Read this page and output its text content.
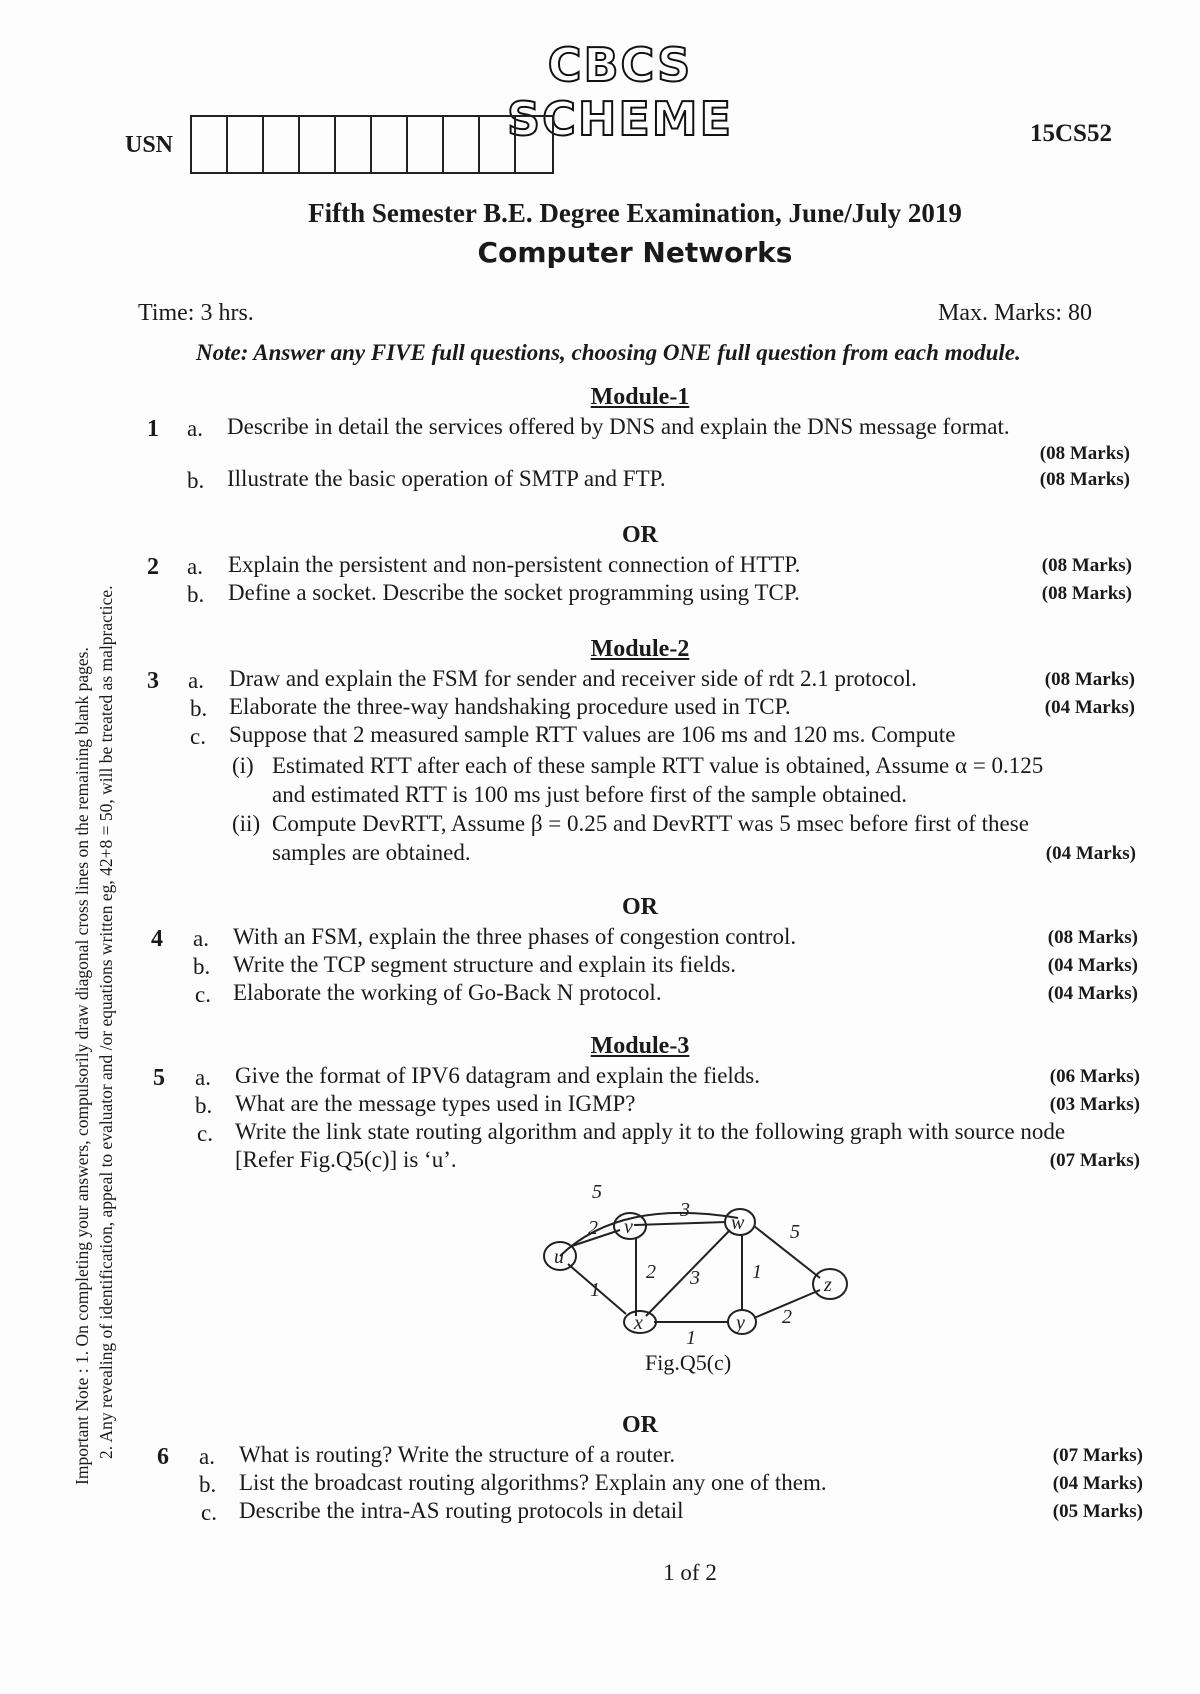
CBCS SCHEME
USN	15CS52
Fifth Semester B.E. Degree Examination, June/July 2019
Computer Networks
Time: 3 hrs.	Max. Marks: 80
Note: Answer any FIVE full questions, choosing ONE full question from each module.
Important Note : 1. On completing your answers, compulsorily draw diagonal cross lines on the remaining blank pages. 2. Any revealing of identification, appeal to evaluator and /or equations written eg, 42+8 = 50, will be treated as malpractice.
Module-1
1 a. Describe in detail the services offered by DNS and explain the DNS message format.
(08 Marks)
b. Illustrate the basic operation of SMTP and FTP.	(08 Marks)
OR
2 a. Explain the persistent and non-persistent connection of HTTP.	(08 Marks)
b. Define a socket. Describe the socket programming using TCP.	(08 Marks)
Module-2
3 a. Draw and explain the FSM for sender and receiver side of rdt 2.1 protocol.	(08 Marks)
b. Elaborate the three-way handshaking procedure used in TCP.	(04 Marks)
c. Suppose that 2 measured sample RTT values are 106 ms and 120 ms. Compute
(i) Estimated RTT after each of these sample RTT value is obtained, Assume α = 0.125
and estimated RTT is 100 ms just before first of the sample obtained.
(ii) Compute DevRTT, Assume β = 0.25 and DevRTT was 5 msec before first of these
samples are obtained.	(04 Marks)
OR
4 a. With an FSM, explain the three phases of congestion control.	(08 Marks)
b. Write the TCP segment structure and explain its fields.	(04 Marks)
c. Elaborate the working of Go-Back N protocol.	(04 Marks)
Module-3
5 a. Give the format of IPV6 datagram and explain the fields.	(06 Marks)
b. What are the message types used in IGMP?	(03 Marks)
c. Write the link state routing algorithm and apply it to the following graph with source node
[Refer Fig.Q5(c)] is ‘u’.	(07 Marks)
u
v	w
x	y
z
5
2
3
2 3	1
5
1
1
2
Fig.Q5(c)
OR
6 a. What is routing? Write the structure of a router.	(07 Marks)
b. List the broadcast routing algorithms? Explain any one of them.	(04 Marks)
c. Describe the intra-AS routing protocols in detail	(05 Marks)
1 of 2
